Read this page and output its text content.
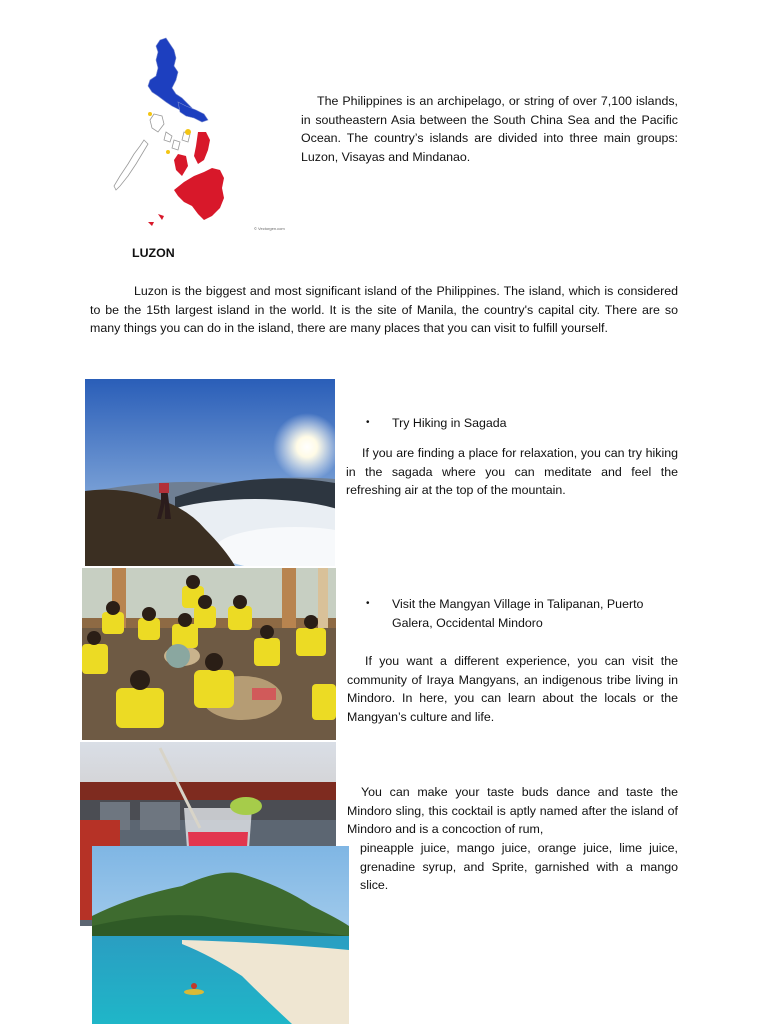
© Vectorgen.com

The Philippines is an archipelago, or string of over 7,100 islands, in southeastern Asia between the South China Sea and the Pacific Ocean. The country’s islands are divided into three main groups: Luzon, Visayas and Mindanao.

LUZON

Luzon is the biggest and most significant island of the Philippines. The island, which is considered to be the 15th largest island in the world. It is the site of Manila, the country's capital city. There are so many things you can do in the island, there are many places that you can visit to fulfill yourself.

•	Try Hiking in Sagada

If you are finding a place for relaxation, you can try hiking in the sagada where you can meditate and feel the refreshing air at the top of the mountain.

•	Visit the Mangyan Village in Talipanan, Puerto Galera, Occidental Mindoro

If you want a different experience, you can visit the community of Iraya Mangyans, an indigenous tribe living in Mindoro. In here, you can learn about the locals or the Mangyan’s culture and life.

You can make your taste buds dance and taste the Mindoro sling, this cocktail is aptly named after the island of Mindoro and is a concoction of rum,

pineapple juice, mango juice, orange juice, lime juice, grenadine syrup, and Sprite, garnished with a mango slice.
